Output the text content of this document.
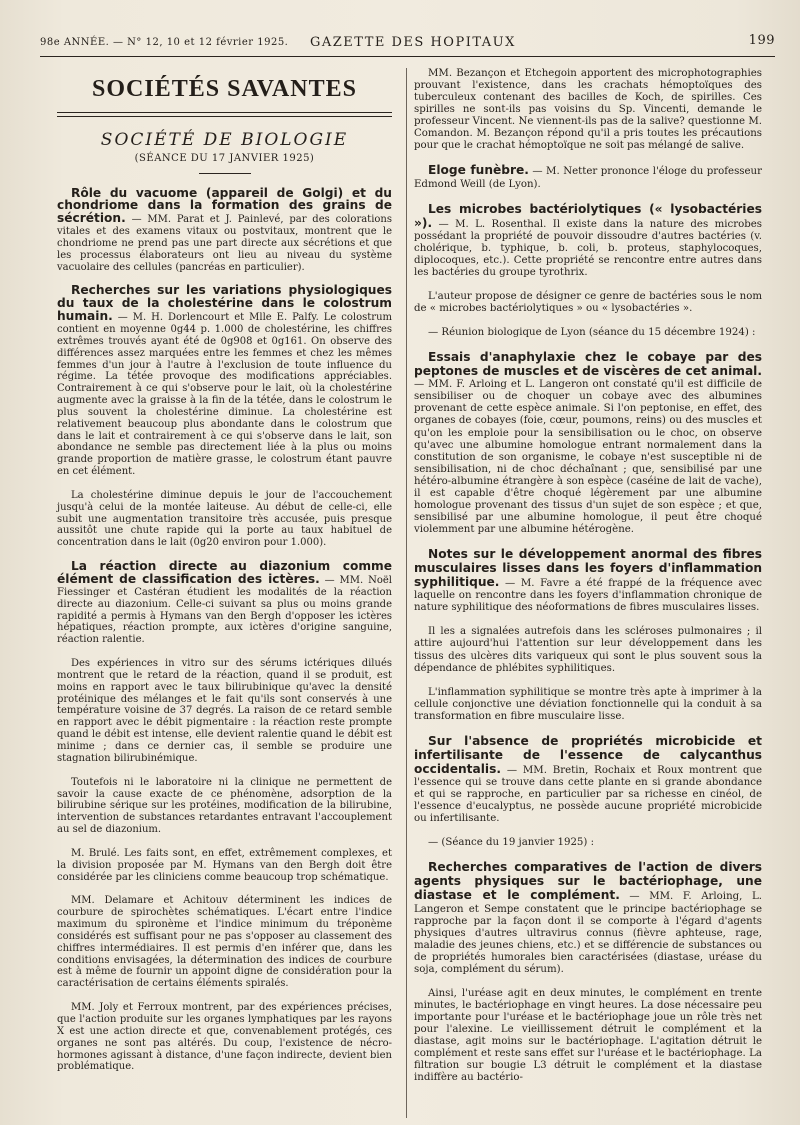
98e ANNÉE. — N° 12, 10 et 12 février 1925. GAZETTE DES HOPITAUX	199
SOCIÉTÉS SAVANTES
SOCIÉTÉ DE BIOLOGIE
(SÉANCE DU 17 JANVIER 1925)

Rôle du vacuome (appareil de Golgi) et du chondriome dans la formation des grains de sécrétion. — MM. Parat et J. Painlevé, par des colorations vitales et des examens vitaux ou postvitaux, montrent que le chondriome ne prend pas une part directe aux sécrétions et que les processus élaborateurs ont lieu au niveau du système vacuolaire des cellules (pancréas en particulier).

Recherches sur les variations physiologiques du taux de la cholestérine dans le colostrum humain. — M. H. Dorlencourt et Mlle E. Palfy. Le colostrum contient en moyenne 0g44 p. 1.000 de cholestérine, les chiffres extrêmes trouvés ayant été de 0g908 et 0g161. On observe des différences assez marquées entre les femmes et chez les mêmes femmes d'un jour à l'autre à l'exclusion de toute influence du régime. La tétée provoque des modifications appréciables. Contrairement à ce qui s'observe pour le lait, où la cholestérine augmente avec la graisse à la fin de la tétée, dans le colostrum le plus souvent la cholestérine diminue. La cholestérine est relativement beaucoup plus abondante dans le colostrum que dans le lait et contrairement à ce qui s'observe dans le lait, son abondance ne semble pas directement liée à la plus ou moins grande proportion de matière grasse, le colostrum étant pauvre en cet élément.

La cholestérine diminue depuis le jour de l'accouchement jusqu'à celui de la montée laiteuse. Au début de celle-ci, elle subit une augmentation transitoire très accusée, puis presque aussitôt une chute rapide qui la porte au taux habituel de concentration dans le lait (0g20 environ pour 1.000).

La réaction directe au diazonium comme élément de classification des ictères. — MM. Noël Fiessinger et Castéran étudient les modalités de la réaction directe au diazonium. Celle-ci suivant sa plus ou moins grande rapidité a permis à Hymans van den Bergh d'opposer les ictères hépatiques, réaction prompte, aux ictères d'origine sanguine, réaction ralentie.

Des expériences in vitro sur des sérums ictériques dilués montrent que le retard de la réaction, quand il se produit, est moins en rapport avec le taux bilirubinique qu'avec la densité protéinique des mélanges et le fait qu'ils sont conservés à une température voisine de 37 degrés. La raison de ce retard semble en rapport avec le débit pigmentaire : la réaction reste prompte quand le débit est intense, elle devient ralentie quand le débit est minime ; dans ce dernier cas, il semble se produire une stagnation bilirubinémique.

Toutefois ni le laboratoire ni la clinique ne permettent de savoir la cause exacte de ce phénomène, adsorption de la bilirubine sérique sur les protéines, modification de la bilirubine, intervention de substances retardantes entravant l'accouplement au sel de diazonium.

M. Brulé. Les faits sont, en effet, extrêmement complexes, et la division proposée par M. Hymans van den Bergh doit être considérée par les cliniciens comme beaucoup trop schématique.

MM. Delamare et Achitouv déterminent les indices de courbure de spirochètes schématiques. L'écart entre l'indice maximum du spironème et l'indice minimum du tréponème considérés est suffisant pour ne pas s'opposer au classement des chiffres intermédiaires. Il est permis d'en inférer que, dans les conditions envisagées, la détermination des indices de courbure est à même de fournir un appoint digne de considération pour la caractérisation de certains éléments spiralés.

MM. Joly et Ferroux montrent, par des expériences précises, que l'action produite sur les organes lymphatiques par les rayons X est une action directe et que, convenablement protégés, ces organes ne sont pas altérés. Du coup, l'existence de nécro-hormones agissant à distance, d'une façon indirecte, devient bien problématique.

MM. Bezançon et Etchegoin apportent des microphotographies prouvant l'existence, dans les crachats hémoptoïques des tuberculeux contenant des bacilles de Koch, de spirilles. Ces spirilles ne sont-ils pas voisins du Sp. Vincenti, demande le professeur Vincent. Ne viennent-ils pas de la salive? questionne M. Comandon. M. Bezançon répond qu'il a pris toutes les précautions pour que le crachat hémoptoïque ne soit pas mélangé de salive.

Eloge funèbre. — M. Netter prononce l'éloge du professeur Edmond Weill (de Lyon).

Les microbes bactériolytiques (« lysobactéries »). — M. L. Rosenthal. Il existe dans la nature des microbes possédant la propriété de pouvoir dissoudre d'autres bactéries (v. cholérique, b. typhique, b. coli, b. proteus, staphylocoques, diplocoques, etc.). Cette propriété se rencontre entre autres dans les bactéries du groupe tyrothrix.

L'auteur propose de désigner ce genre de bactéries sous le nom de « microbes bactériolytiques » ou « lysobactéries ».

— Réunion biologique de Lyon (séance du 15 décembre 1924) :

Essais d'anaphylaxie chez le cobaye par des peptones de muscles et de viscères de cet animal. — MM. F. Arloing et L. Langeron ont constaté qu'il est difficile de sensibiliser ou de choquer un cobaye avec des albumines provenant de cette espèce animale. Si l'on peptonise, en effet, des organes de cobayes (foie, cœur, poumons, reins) ou des muscles et qu'on les emploie pour la sensibilisation ou le choc, on observe qu'avec une albumine homologue entrant normalement dans la constitution de son organisme, le cobaye n'est susceptible ni de sensibilisation, ni de choc déchaînant ; que, sensibilisé par une hétéro-albumine étrangère à son espèce (caséine de lait de vache), il est capable d'être choqué légèrement par une albumine homologue provenant des tissus d'un sujet de son espèce ; et que, sensibilisé par une albumine homologue, il peut être choqué violemment par une albumine hétérogène.

Notes sur le développement anormal des fibres musculaires lisses dans les foyers d'inflammation syphilitique. — M. Favre a été frappé de la fréquence avec laquelle on rencontre dans les foyers d'inflammation chronique de nature syphilitique des néoformations de fibres musculaires lisses.

Il les a signalées autrefois dans les scléroses pulmonaires ; il attire aujourd'hui l'attention sur leur développement dans les tissus des ulcères dits variqueux qui sont le plus souvent sous la dépendance de phlébites syphilitiques.

L'inflammation syphilitique se montre très apte à imprimer à la cellule conjonctive une déviation fonctionnelle qui la conduit à sa transformation en fibre musculaire lisse.

Sur l'absence de propriétés microbicide et infertilisante de l'essence de calycanthus occidentalis. — MM. Bretin, Rochaix et Roux montrent que l'essence qui se trouve dans cette plante en si grande abondance et qui se rapproche, en particulier par sa richesse en cinéol, de l'essence d'eucalyptus, ne possède aucune propriété microbicide ou infertilisante.

— (Séance du 19 janvier 1925) :

Recherches comparatives de l'action de divers agents physiques sur le bactériophage, une diastase et le complément. — MM. F. Arloing, L. Langeron et Sempe constatent que le principe bactériophage se rapproche par la façon dont il se comporte à l'égard d'agents physiques d'autres ultravirus connus (fièvre aphteuse, rage, maladie des jeunes chiens, etc.) et se différencie de substances ou de propriétés humorales bien caractérisées (diastase, uréase du soja, complément du sérum).

Ainsi, l'uréase agit en deux minutes, le complément en trente minutes, le bactériophage en vingt heures. La dose nécessaire peu importante pour l'uréase et le bactériophage joue un rôle très net pour l'alexine. Le vieillissement détruit le complément et la diastase, agit moins sur le bactériophage. L'agitation détruit le complément et reste sans effet sur l'uréase et le bactériophage. La filtration sur bougie L3 détruit le complément et la diastase indiffère au bactério-
